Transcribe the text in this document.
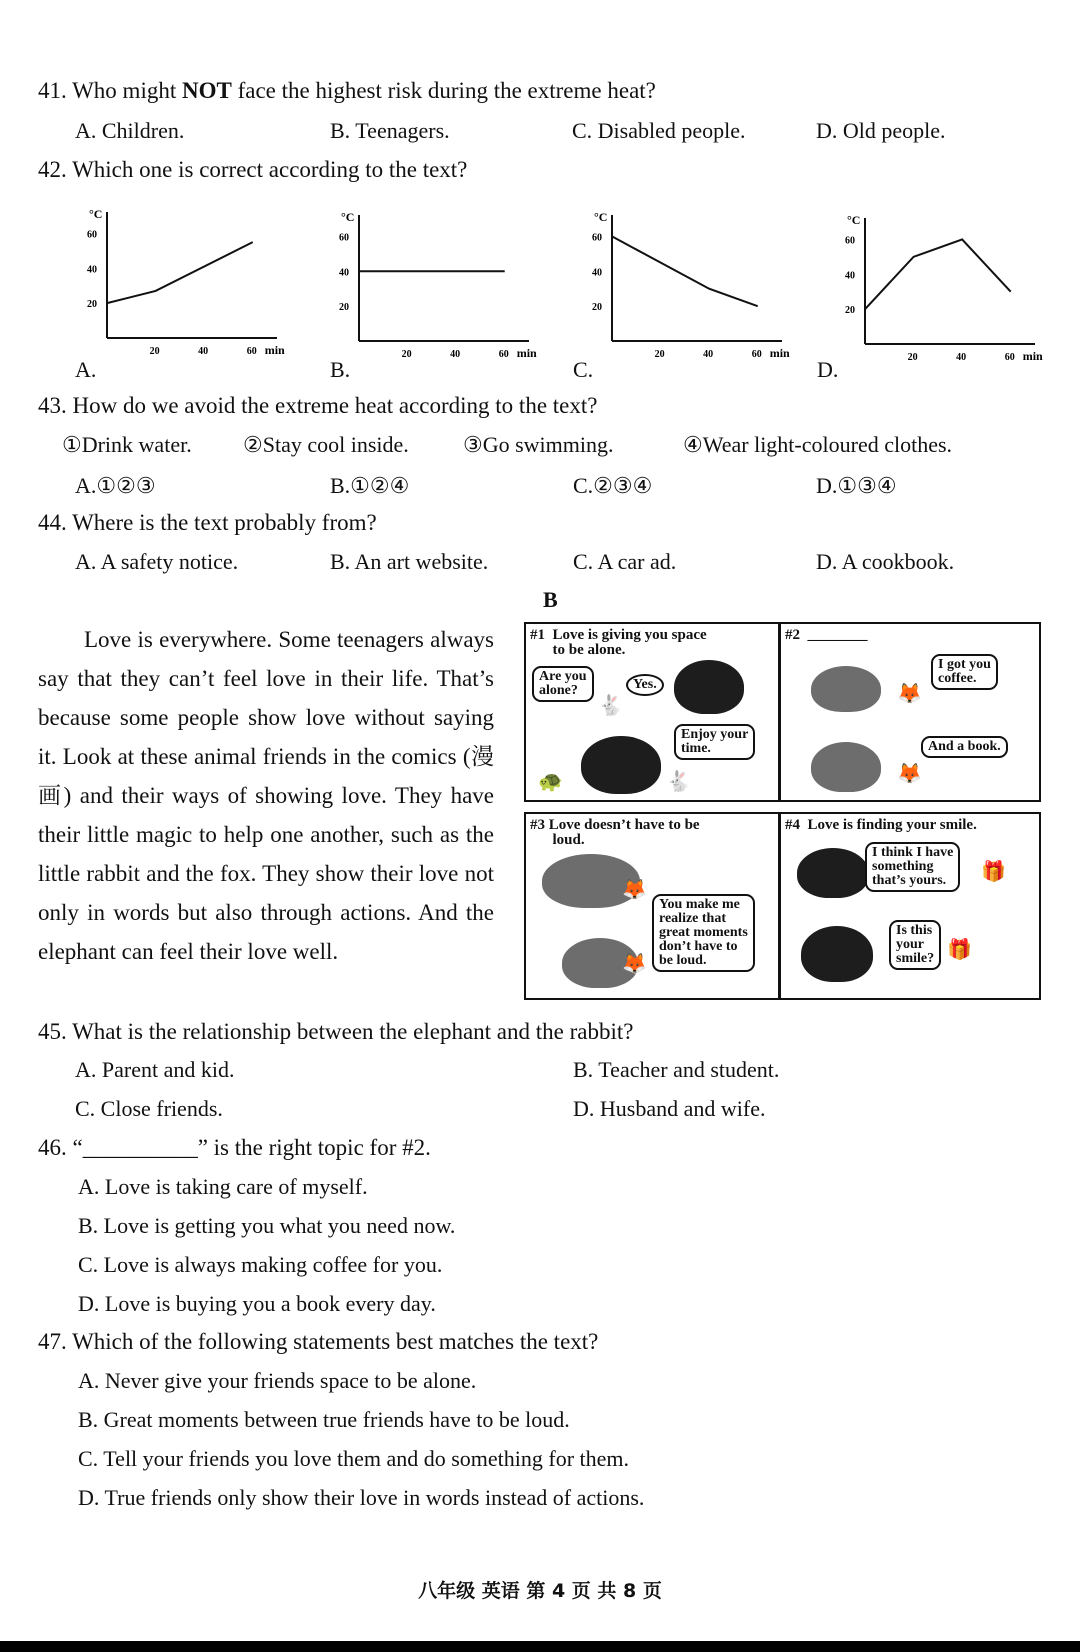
41. Who might NOT face the highest risk during the extreme heat?
A. Children.	B. Teenagers.	C. Disabled people.	D. Old people.
42. Which one is correct according to the text?
°C
60
40
20
20	40	60 min
°C
60
40
20
20	40	60 min
°C
60
40
20
20	40	60 min
°C
60
40
20
20	40	60 min
A.	B.	C.	D.
43. How do we avoid the extreme heat according to the text?
①Drink water. ②Stay cool inside. ③Go swimming.	④Wear light-coloured clothes.
A.①②③	B.①②④	C.②③④	D.①③④
44. Where is the text probably from?
A. A safety notice.	B. An art website.	C. A car ad.	D. A cookbook.
B
Love is everywhere. Some teenagers always say that they can’t feel love in their life. That’s because some people show love without saying it. Look at these animal friends in the comics (漫画) and their ways of showing love. They have their little magic to help one another, such as the little rabbit and the fox. They show their love not only in words but also through actions. And the elephant can feel their love well.
#1  Love is giving you space
to be alone.
Are you
alone?	Yes.
🐇
Enjoy your
time.
🐢	🐇
#2  ________
I got you
coffee.
🦊
And a book.
🦊
#3 Love doesn’t have to be
loud.
🦊
You make me
realize that
great moments
don’t have to
be loud.
🦊
#4  Love is finding your smile.
I think I have
something
that’s yours.	🎁
Is this
your
smile? 🎁
45. What is the relationship between the elephant and the rabbit?
A. Parent and kid.	B. Teacher and student.
C. Close friends.	D. Husband and wife.
46. “__________” is the right topic for #2.
A. Love is taking care of myself.
B. Love is getting you what you need now.
C. Love is always making coffee for you.
D. Love is buying you a book every day.
47. Which of the following statements best matches the text?
A. Never give your friends space to be alone.
B. Great moments between true friends have to be loud.
C. Tell your friends you love them and do something for them.
D. True friends only show their love in words instead of actions.
八年级 英语 第 4 页 共 8 页
